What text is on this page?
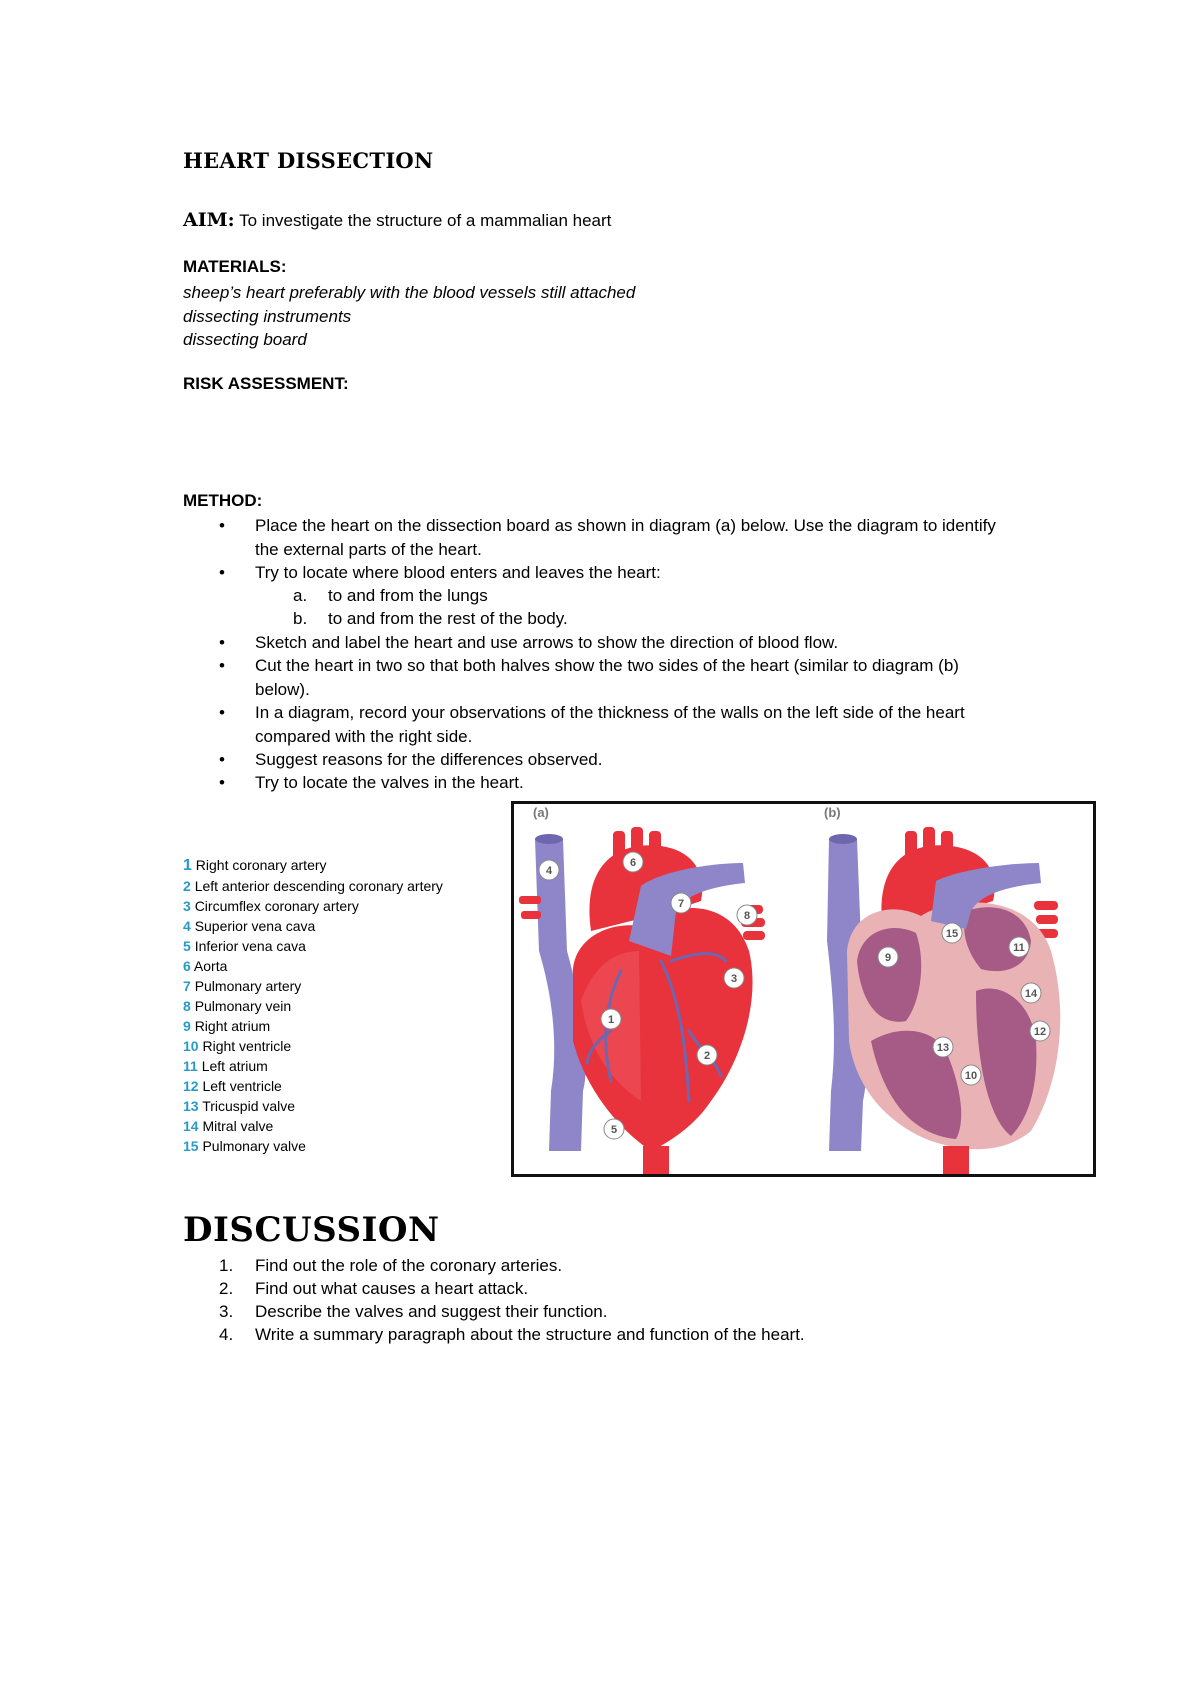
HEART DISSECTION
AIM: To investigate the structure of a mammalian heart
MATERIALS:
sheep’s heart preferably with the blood vessels still attached
dissecting instruments
dissecting board
RISK ASSESSMENT:
METHOD:
• Place the heart on the dissection board as shown in diagram (a) below. Use the diagram to identify the external parts of the heart.
• Try to locate where blood enters and leaves the heart:
a. to and from the lungs
b. to and from the rest of the body.
• Sketch and label the heart and use arrows to show the direction of blood flow.
• Cut the heart in two so that both halves show the two sides of the heart (similar to diagram (b) below).
• In a diagram, record your observations of the thickness of the walls on the left side of the heart compared with the right side.
• Suggest reasons for the differences observed.
• Try to locate the valves in the heart.
1 Right coronary artery
2 Left anterior descending coronary artery
3 Circumflex coronary artery
4 Superior vena cava
5 Inferior vena cava
6 Aorta
7 Pulmonary artery
8 Pulmonary vein
9 Right atrium
10 Right ventricle
11 Left atrium
12 Left ventricle
13 Tricuspid valve
14 Mitral valve
15 Pulmonary valve
(a)	(b)
4
6
7
8
3
1
2
5
15
11
9
14
12
13
10
DISCUSSION
1. Find out the role of the coronary arteries.
2. Find out what causes a heart attack.
3. Describe the valves and suggest their function.
4. Write a summary paragraph about the structure and function of the heart.
